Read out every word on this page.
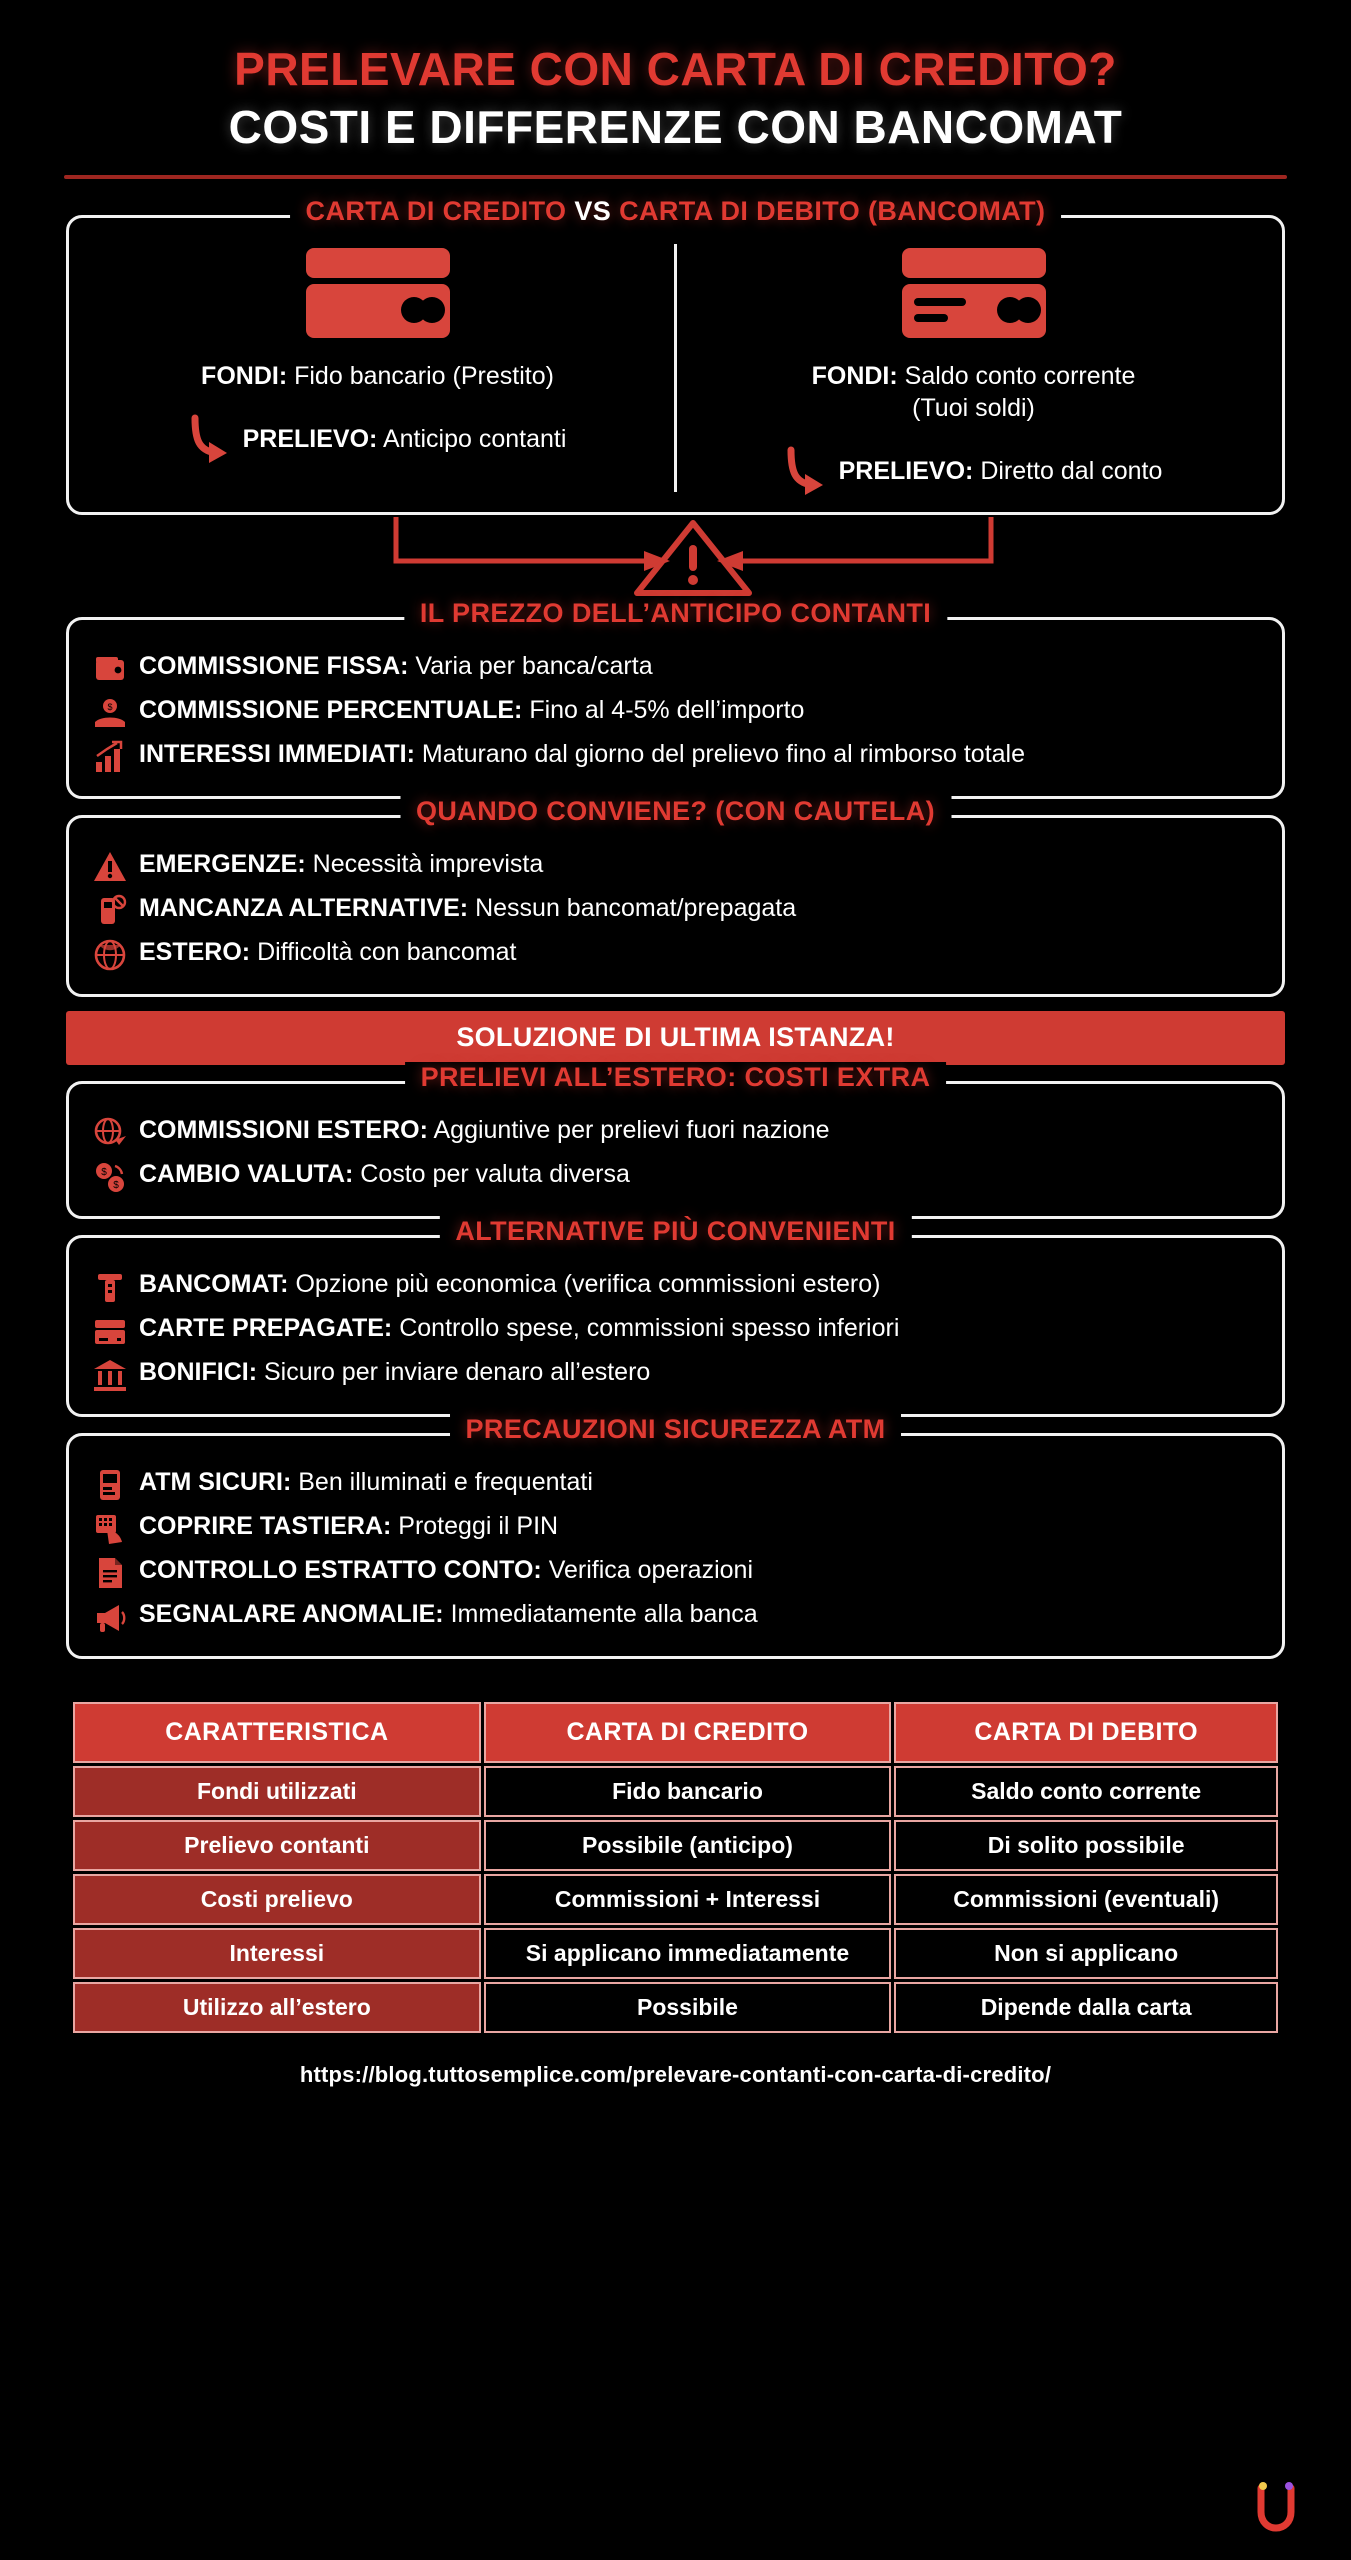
PRELEVARE CON CARTA DI CREDITO?
COSTI E DIFFERENZE CON BANCOMAT
CARTA DI CREDITO VS CARTA DI DEBITO (BANCOMAT)
FONDI: Fido bancario (Prestito)
PRELIEVO: Anticipo contanti
FONDI: Saldo conto corrente
(Tuoi soldi)
PRELIEVO: Diretto dal conto
IL PREZZO DELL’ANTICIPO CONTANTI
COMMISSIONE FISSA: Varia per banca/carta
$ COMMISSIONE PERCENTUALE: Fino al 4-5% dell’importo
INTERESSI IMMEDIATI: Maturano dal giorno del prelievo fino al rimborso totale
QUANDO CONVIENE? (CON CAUTELA)
EMERGENZE: Necessità imprevista
MANCANZA ALTERNATIVE: Nessun bancomat/prepagata
ESTERO: Difficoltà con bancomat
SOLUZIONE DI ULTIMA ISTANZA!
PRELIEVI ALL’ESTERO: COSTI EXTRA
COMMISSIONI ESTERO: Aggiuntive per prelievi fuori nazione
$
$ CAMBIO VALUTA: Costo per valuta diversa
ALTERNATIVE PIÙ CONVENIENTI
BANCOMAT: Opzione più economica (verifica commissioni estero)
CARTE PREPAGATE: Controllo spese, commissioni spesso inferiori
BONIFICI: Sicuro per inviare denaro all’estero
PRECAUZIONI SICUREZZA ATM
ATM SICURI: Ben illuminati e frequentati
COPRIRE TASTIERA: Proteggi il PIN
CONTROLLO ESTRATTO CONTO: Verifica operazioni
SEGNALARE ANOMALIE: Immediatamente alla banca
CARATTERISTICA	CARTA DI CREDITO	CARTA DI DEBITO
Fondi utilizzati	Fido bancario	Saldo conto corrente
Prelievo contanti	Possibile (anticipo)	Di solito possibile
Costi prelievo	Commissioni + Interessi	Commissioni (eventuali)
Interessi	Si applicano immediatamente	Non si applicano
Utilizzo all’estero	Possibile	Dipende dalla carta
https://blog.tuttosemplice.com/prelevare-contanti-con-carta-di-credito/
